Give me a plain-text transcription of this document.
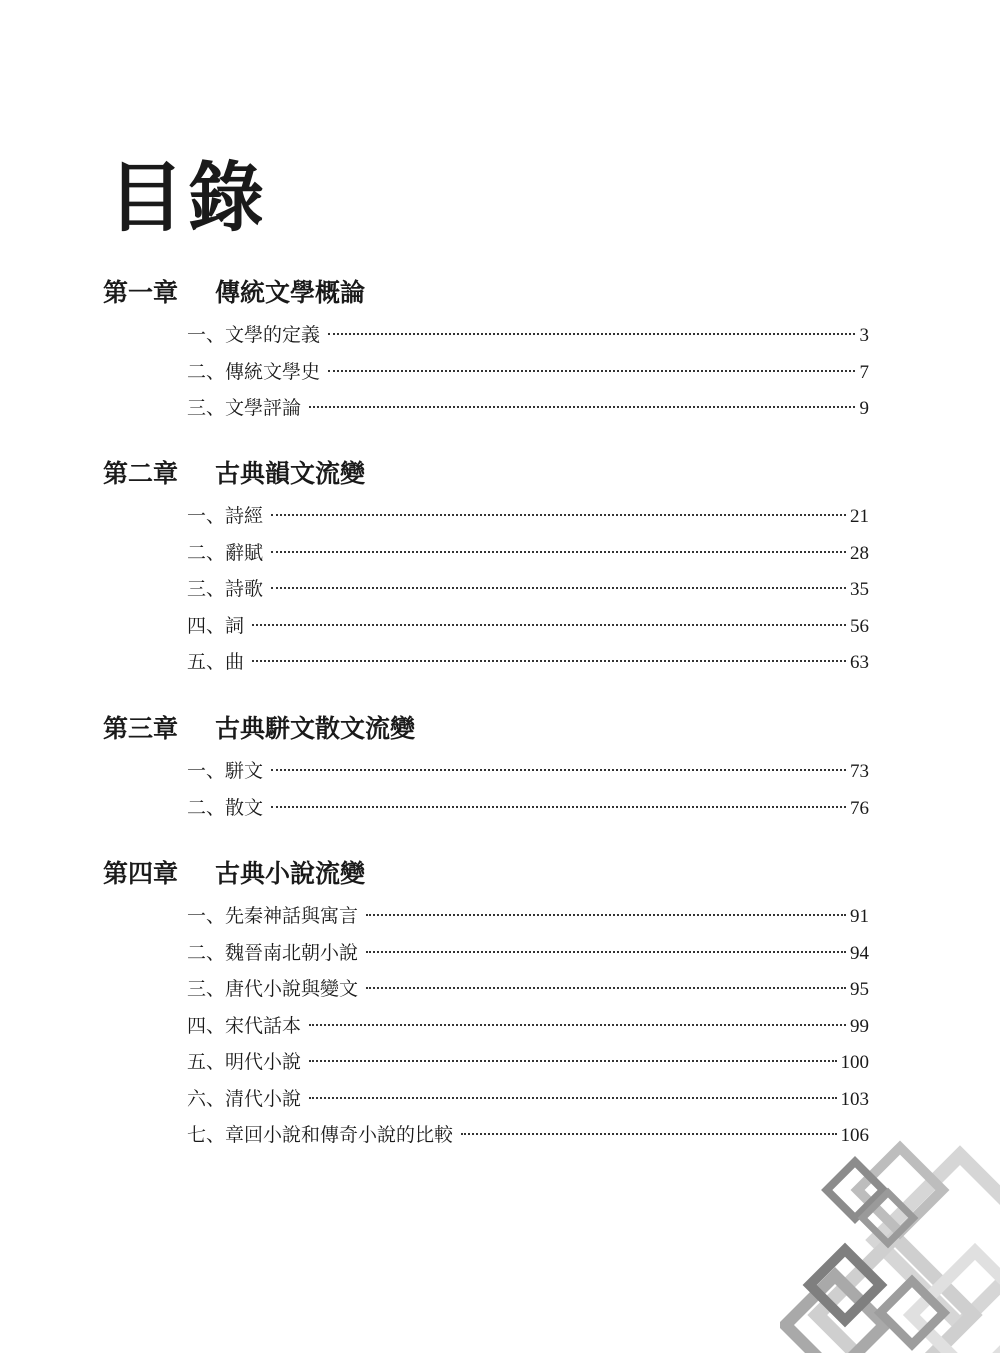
目錄
第一章 傳統文學概論
一、文學的定義	3
二、傳統文學史	7
三、文學評論	9
第二章 古典韻文流變
一、詩經	21
二、辭賦	28
三、詩歌	35
四、詞	56
五、曲	63
第三章 古典駢文散文流變
一、駢文	73
二、散文	76
第四章 古典小說流變
一、先秦神話與寓言	91
二、魏晉南北朝小說	94
三、唐代小說與變文	95
四、宋代話本	99
五、明代小說	100
六、清代小說	103
七、章回小說和傳奇小說的比較	106
